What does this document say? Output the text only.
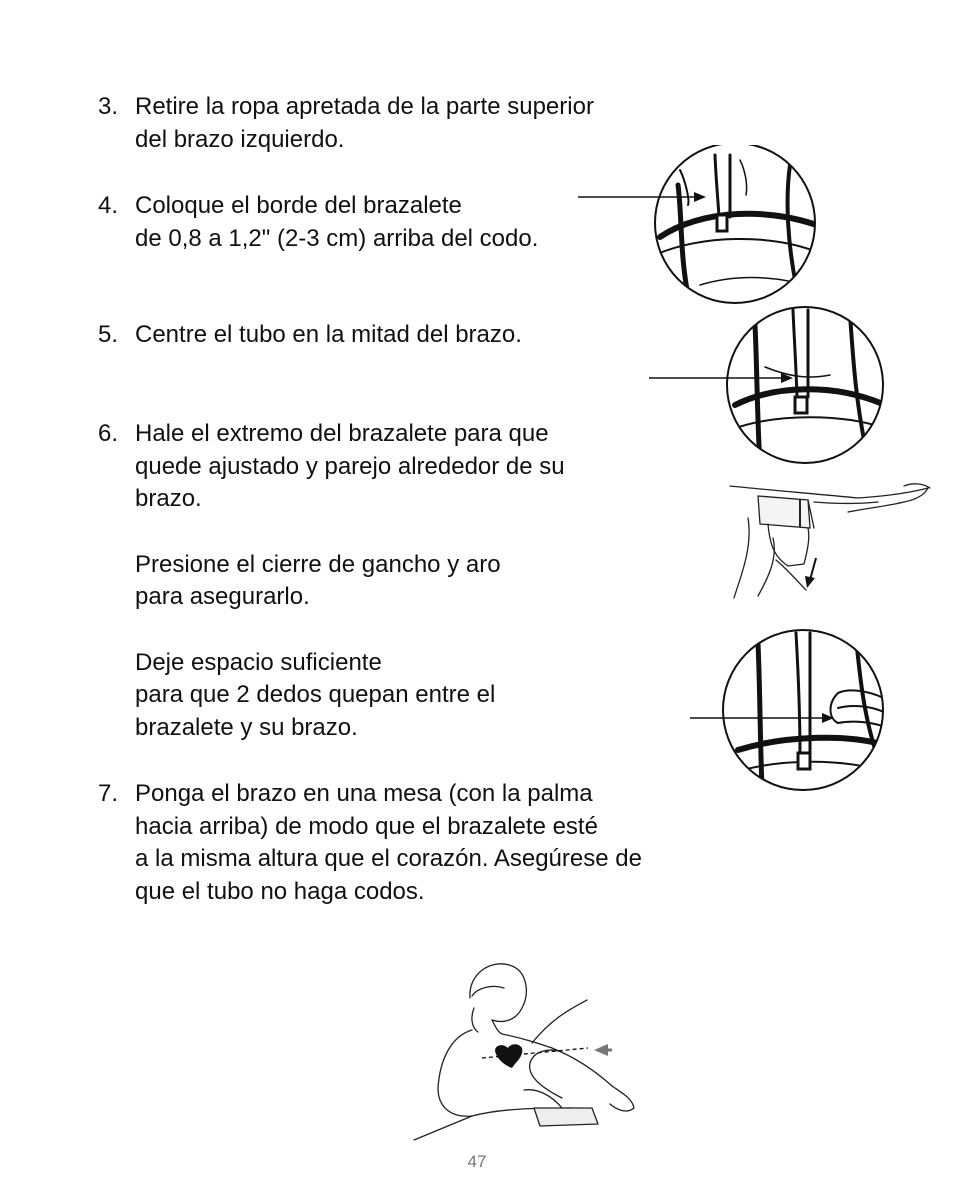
3. Retire la ropa apretada de la parte superior
del brazo izquierdo.
4. Coloque el borde del brazalete
de 0,8 a 1,2" (2-3 cm) arriba del codo.
5. Centre el tubo en la mitad del brazo.
6. Hale el extremo del brazalete para que
quede ajustado y parejo alrededor de su
brazo.
Presione el cierre de gancho y aro
para asegurarlo.
Deje espacio suficiente
para que 2 dedos quepan entre el
brazalete y su brazo.
7. Ponga el brazo en una mesa (con la palma
hacia arriba) de modo que el brazalete esté
a la misma altura que el corazón. Asegúrese de
que el tubo no haga codos.
47
